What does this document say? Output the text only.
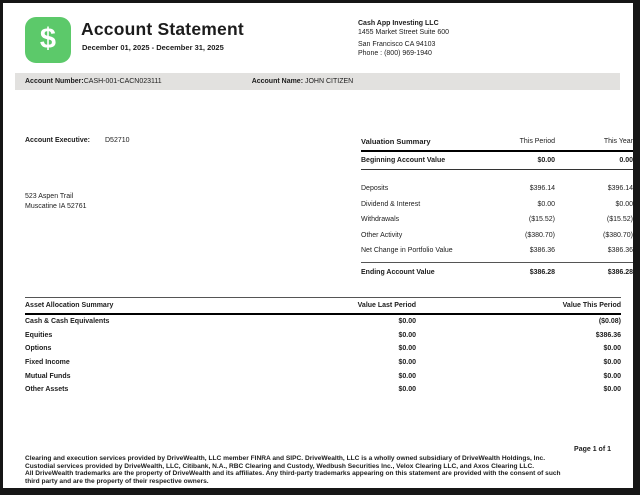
$ Account Statement
December 01, 2025 - December 31, 2025
Cash App Investing LLC
1455 Market Street Suite 600
San Francisco CA 94103
Phone : (800) 969-1940
Account Number:CASH-001-CACN023111	Account Name: JOHN CITIZEN
Account Executive: D52710
523 Aspen Trail
Muscatine IA 52761
Valuation Summary	This Period	This Year
Beginning Account Value	$0.00	0.00
Deposits	$396.14	$396.14
Dividend & Interest	$0.00	$0.00
Withdrawals	($15.52)	($15.52)
Other Activity	($380.70)	($380.70)
Net Change in Portfolio Value	$386.36	$386.36
Ending Account Value	$386.28	$386.28
Asset Allocation Summary	Value Last Period	Value This Period
Cash & Cash Equivalents	$0.00	($0.08)
Equities	$0.00	$386.36
Options	$0.00	$0.00
Fixed Income	$0.00	$0.00
Mutual Funds	$0.00	$0.00
Other Assets	$0.00	$0.00
Page 1 of 1
Clearing and execution services provided by DriveWealth, LLC member FINRA and SIPC. DriveWealth, LLC is a wholly owned subsidiary of DriveWealth Holdings, Inc. Custodial services provided by DriveWealth, LLC, Citibank, N.A., RBC Clearing and Custody, Wedbush Securities Inc., Velox Clearing LLC, and Axos Clearing LLC.
All DriveWealth trademarks are the property of DriveWealth and its affiliates. Any third-party trademarks appearing on this statement are provided with the consent of such third party and are the property of their respective owners.
